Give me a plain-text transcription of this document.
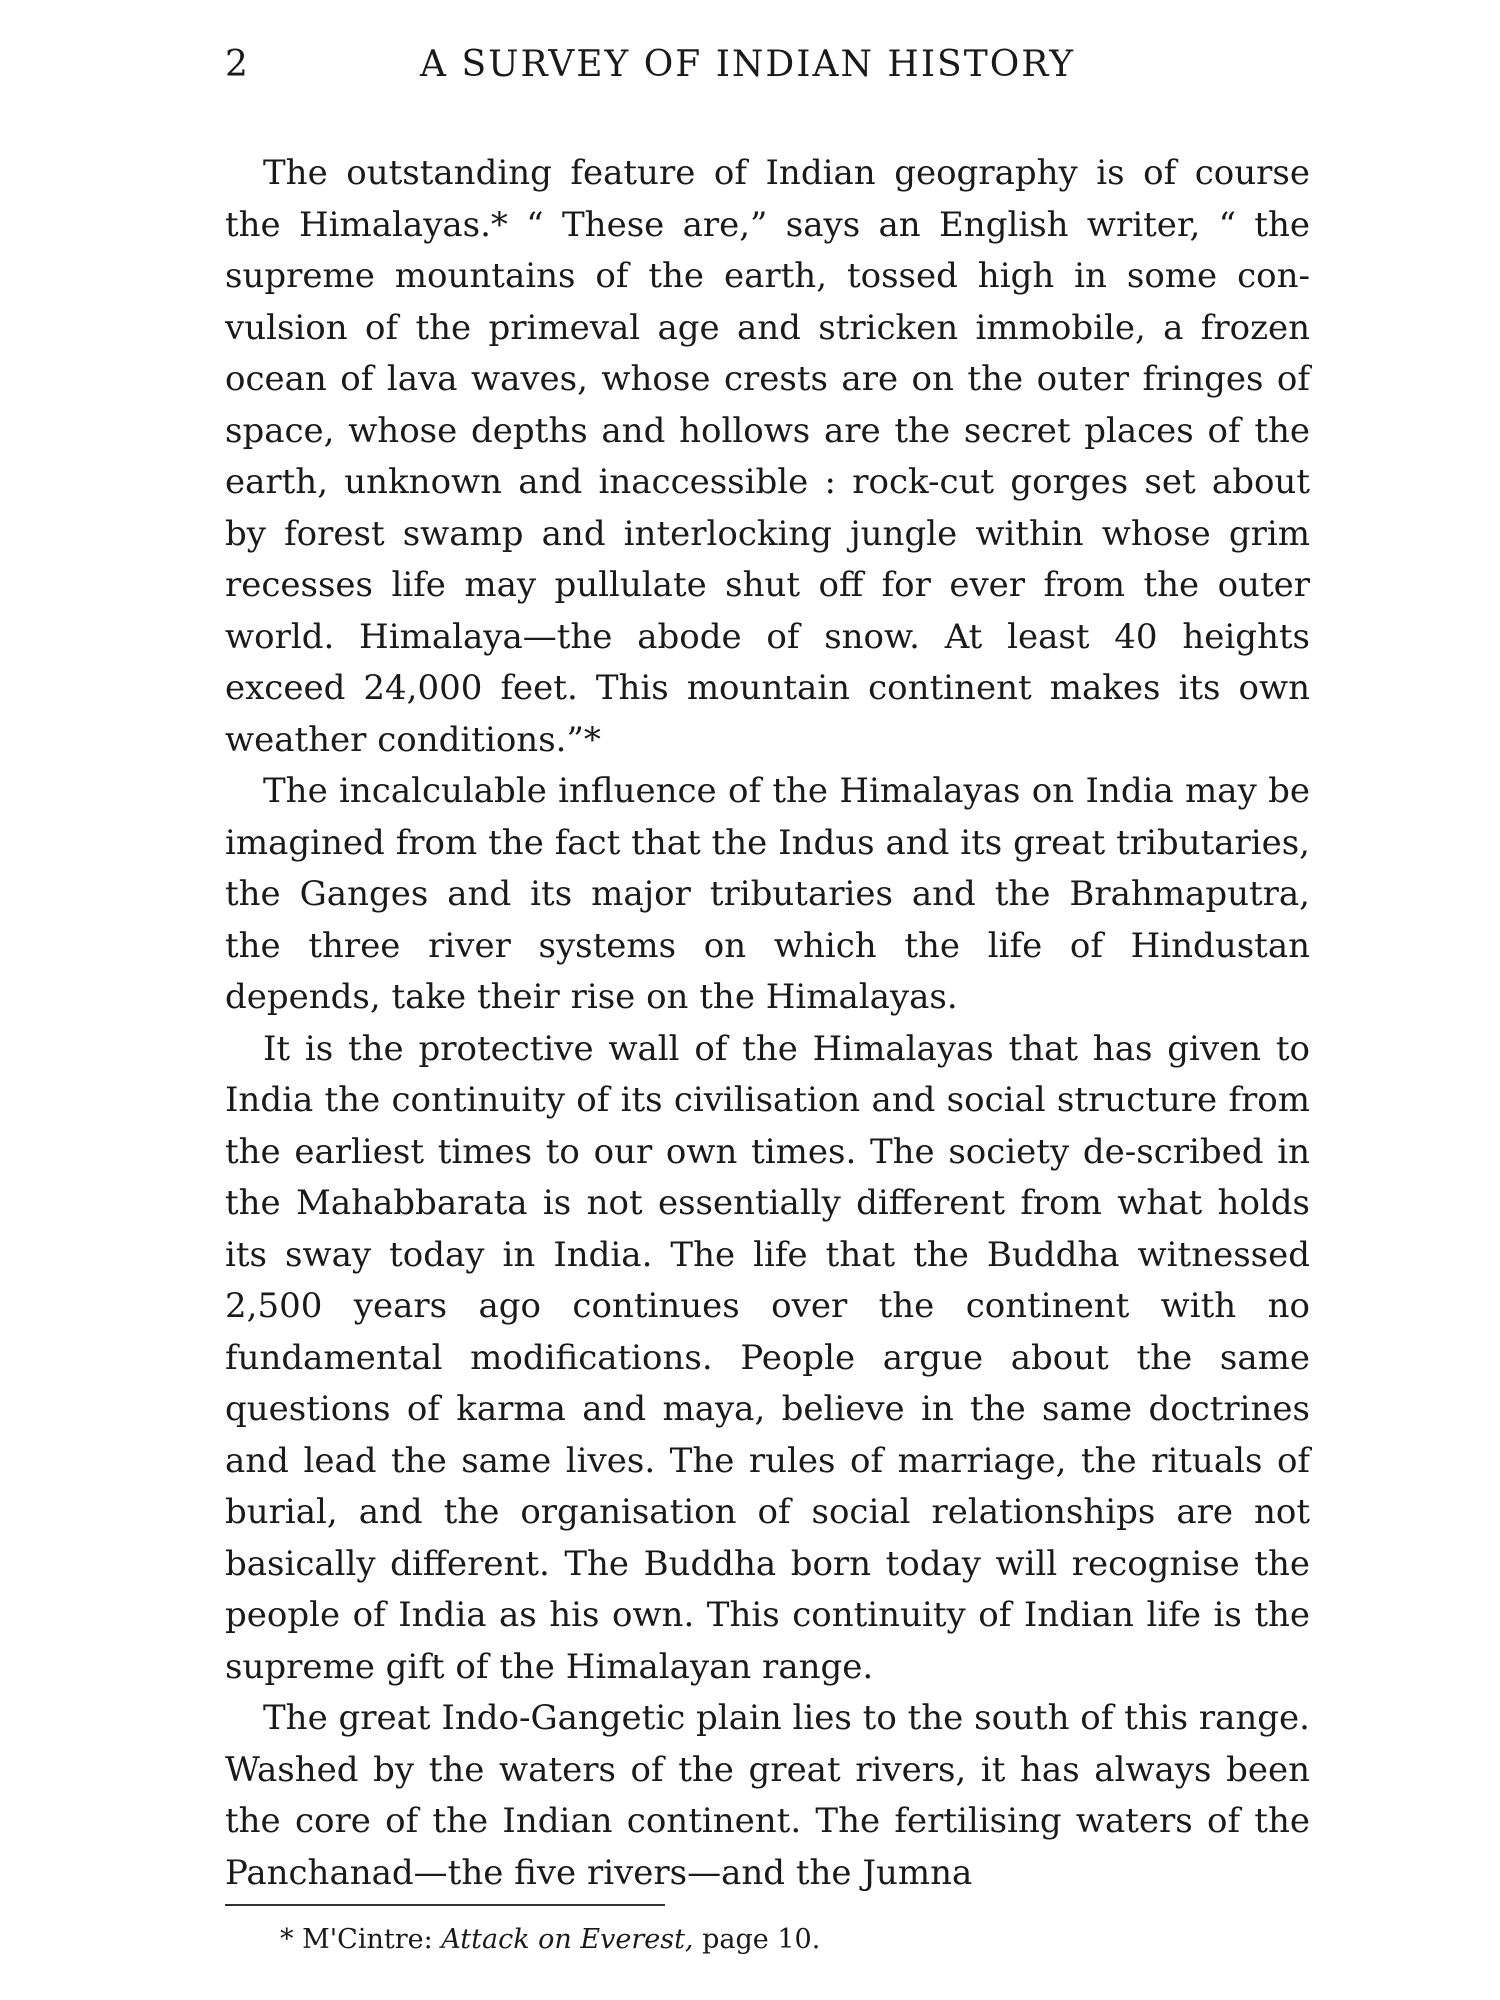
2	A SURVEY OF INDIAN HISTORY

The outstanding feature of Indian geography is of course the Himalayas.* “ These are,” says an English writer, “ the supreme mountains of the earth, tossed high in some con-vulsion of the primeval age and stricken immobile, a frozen ocean of lava waves, whose crests are on the outer fringes of space, whose depths and hollows are the secret places of the earth, unknown and inaccessible : rock-cut gorges set about by forest swamp and interlocking jungle within whose grim recesses life may pullulate shut off for ever from the outer world. Himalaya—the abode of snow. At least 40 heights exceed 24,000 feet. This mountain continent makes its own weather conditions.”*

The incalculable influence of the Himalayas on India may be imagined from the fact that the Indus and its great tributaries, the Ganges and its major tributaries and the Brahmaputra, the three river systems on which the life of Hindustan depends, take their rise on the Himalayas.

It is the protective wall of the Himalayas that has given to India the continuity of its civilisation and social structure from the earliest times to our own times. The society de-scribed in the Mahabbarata is not essentially different from what holds its sway today in India. The life that the Buddha witnessed 2,500 years ago continues over the continent with no fundamental modifications. People argue about the same questions of karma and maya, believe in the same doctrines and lead the same lives. The rules of marriage, the rituals of burial, and the organisation of social relationships are not basically different. The Buddha born today will recognise the people of India as his own. This continuity of Indian life is the supreme gift of the Himalayan range.

The great Indo-Gangetic plain lies to the south of this range. Washed by the waters of the great rivers, it has always been the core of the Indian continent. The fertilising waters of the Panchanad—the five rivers—and the Jumna

* M'Cintre: Attack on Everest, page 10.
